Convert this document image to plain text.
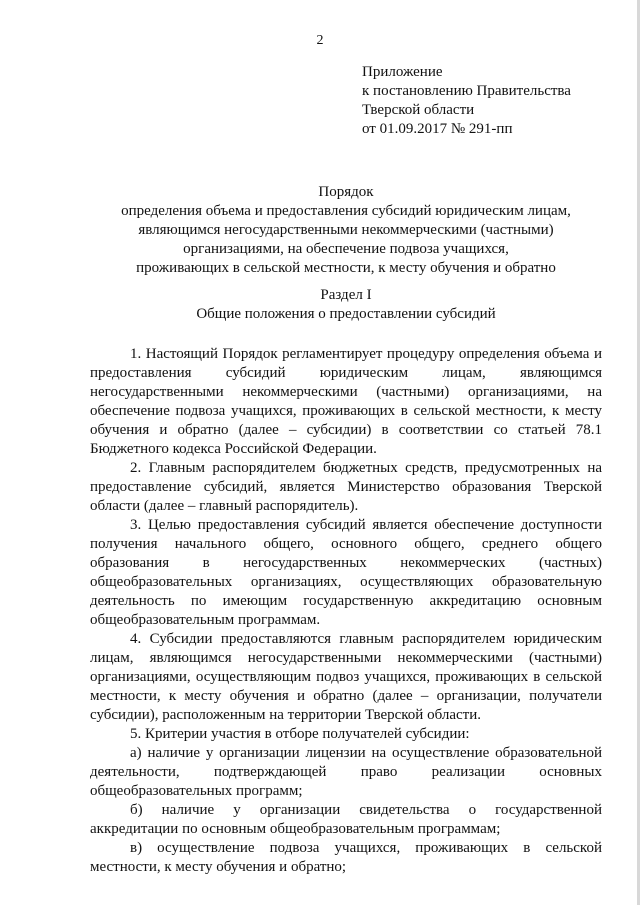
2
Приложение
к постановлению Правительства
Тверской области
от 01.09.2017 № 291-пп
Порядок
определения объема и предоставления субсидий юридическим лицам,
являющимся негосударственными некоммерческими (частными)
организациями, на обеспечение подвоза учащихся,
проживающих в сельской местности, к месту обучения и обратно
Раздел I
Общие положения о предоставлении субсидий

1. Настоящий Порядок регламентирует процедуру определения объема и предоставления субсидий юридическим лицам, являющимся негосударственными некоммерческими (частными) организациями, на обеспечение подвоза учащихся, проживающих в сельской местности, к месту обучения и обратно (далее – субсидии) в соответствии со статьей 78.1 Бюджетного кодекса Российской Федерации.

2. Главным распорядителем бюджетных средств, предусмотренных на предоставление субсидий, является Министерство образования Тверской области (далее – главный распорядитель).

3. Целью предоставления субсидий является обеспечение доступности получения начального общего, основного общего, среднего общего образования в негосударственных некоммерческих (частных) общеобразовательных организациях, осуществляющих образовательную деятельность по имеющим государственную аккредитацию основным общеобразовательным программам.

4. Субсидии предоставляются главным распорядителем юридическим лицам, являющимся негосударственными некоммерческими (частными) организациями, осуществляющим подвоз учащихся, проживающих в сельской местности, к месту обучения и обратно (далее – организации, получатели субсидии), расположенным на территории Тверской области.

5. Критерии участия в отборе получателей субсидии:

а) наличие у организации лицензии на осуществление образовательной деятельности, подтверждающей право реализации основных общеобразовательных программ;

б) наличие у организации свидетельства о государственной аккредитации по основным общеобразовательным программам;

в) осуществление подвоза учащихся, проживающих в сельской местности, к месту обучения и обратно;
